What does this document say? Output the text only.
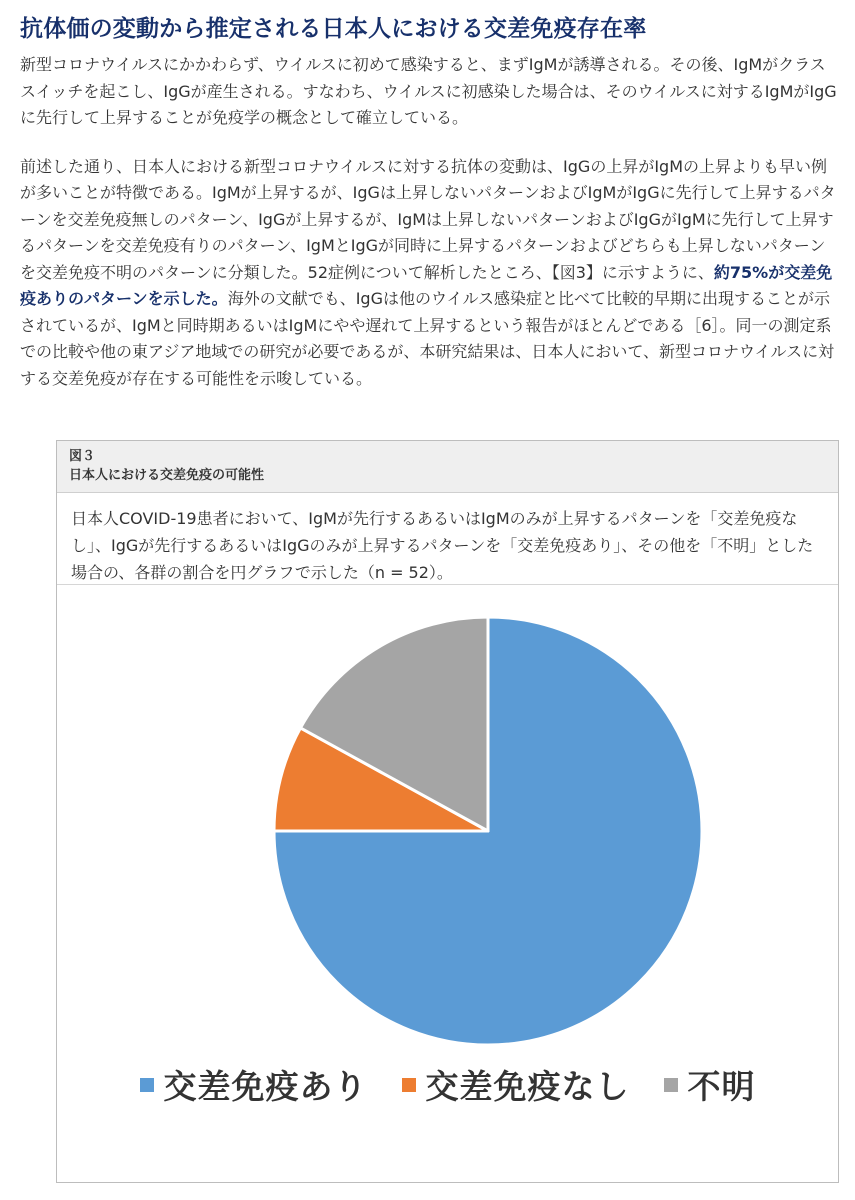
抗体価の変動から推定される日本人における交差免疫存在率

新型コロナウイルスにかかわらず、ウイルスに初めて感染すると、まずIgMが誘導される。その後、IgMがクラススイッチを起こし、IgGが産生される。すなわち、ウイルスに初感染した場合は、そのウイルスに対するIgMがIgGに先行して上昇することが免疫学の概念として確立している。

前述した通り、日本人における新型コロナウイルスに対する抗体の変動は、IgGの上昇がIgMの上昇よりも早い例が多いことが特徴である。IgMが上昇するが、IgGは上昇しないパターンおよびIgMがIgGに先行して上昇するパターンを交差免疫無しのパターン、IgGが上昇するが、IgMは上昇しないパターンおよびIgGがIgMに先行して上昇するパターンを交差免疫有りのパターン、IgMとIgGが同時に上昇するパターンおよびどちらも上昇しないパターンを交差免疫不明のパターンに分類した。52症例について解析したところ、【図3】に示すように、約75%が交差免疫ありのパターンを示した。海外の文献でも、IgGは他のウイルス感染症と比べて比較的早期に出現することが示されているが、IgMと同時期あるいはIgMにやや遅れて上昇するという報告がほとんどである［6］。同一の測定系での比較や他の東アジア地域での研究が必要であるが、本研究結果は、日本人において、新型コロナウイルスに対する交差免疫が存在する可能性を示唆している。

図３
日本人における交差免疫の可能性
日本人COVID-19患者において、IgMが先行するあるいはIgMのみが上昇するパターンを「交差免疫なし」、IgGが先行するあるいはIgGのみが上昇するパターンを「交差免疫あり」、その他を「不明」とした場合の、各群の割合を円グラフで示した（n = 52）。
交差免疫あり 交差免疫なし 不明
